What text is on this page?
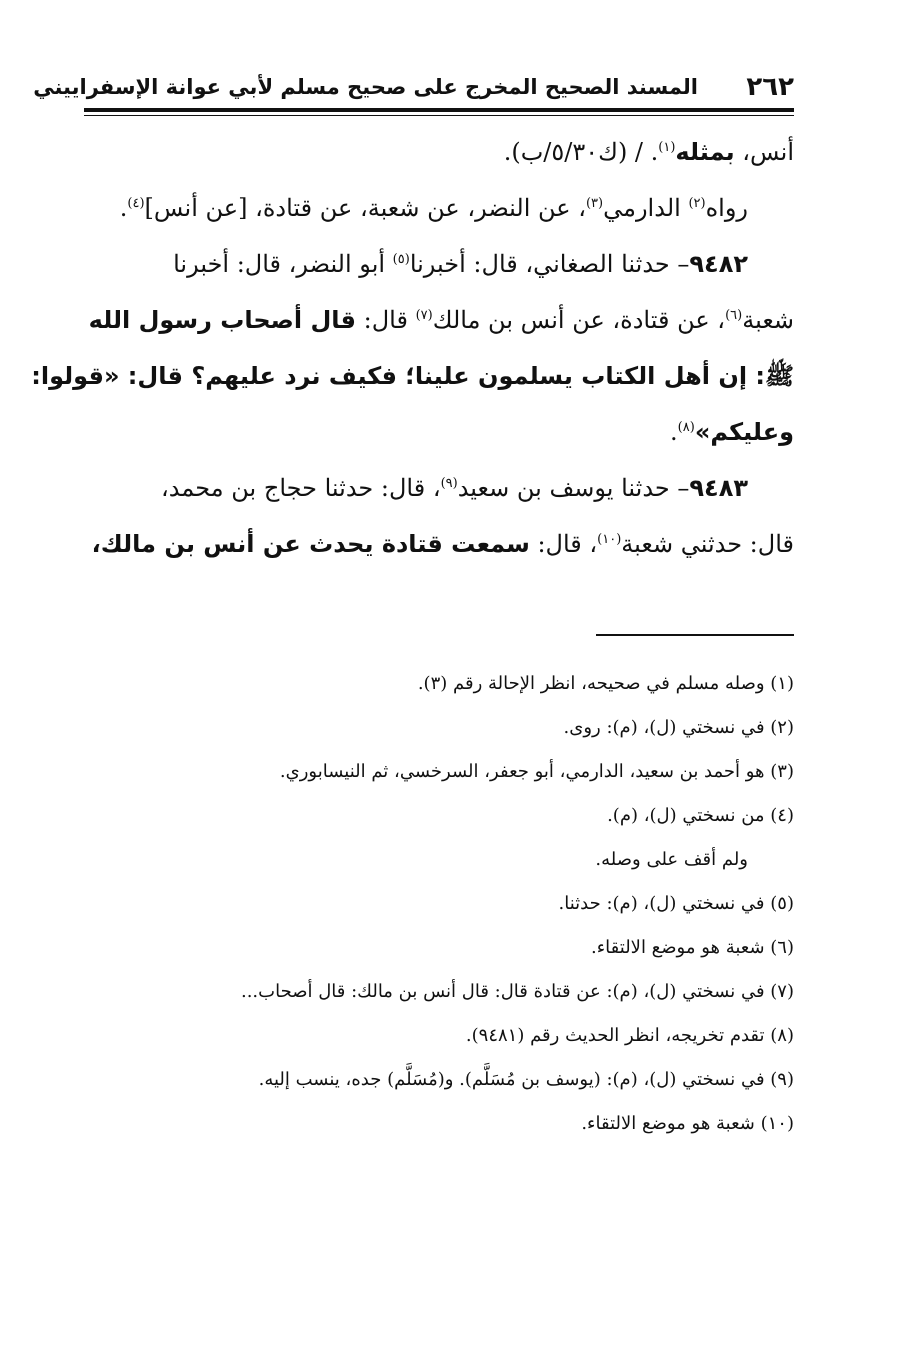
٢٦٢
المسند الصحيح المخرج على صحيح مسلم لأبي عوانة الإسفراييني
أنس، بمثله$^{(١)}$. / (ك٥/٣٠/ب).
رواه$^{(٢)}$ الدارمي$^{(٣)}$، عن النضر، عن شعبة، عن قتادة، [عن أنس]$^{(٤)}$.
٩٤٨٢– حدثنا الصغاني، قال: أخبرنا$^{(٥)}$ أبو النضر، قال: أخبرنا
شعبة$^{(٦)}$، عن قتادة، عن أنس بن مالك$^{(٧)}$ قال: قال أصحاب رسول الله
ﷺ: إن أهل الكتاب يسلمون علينا؛ فكيف نرد عليهم؟ قال: «قولوا:
وعليكم»$^{(٨)}$.
٩٤٨٣– حدثنا يوسف بن سعيد$^{(٩)}$، قال: حدثنا حجاج بن محمد،
قال: حدثني شعبة$^{(١٠)}$، قال: سمعت قتادة يحدث عن أنس بن مالك،
(١) وصله مسلم في صحيحه، انظر الإحالة رقم (٣).
(٢) في نسختي (ل)، (م): روى.
(٣) هو أحمد بن سعيد، الدارمي، أبو جعفر، السرخسي، ثم النيسابوري.
(٤) من نسختي (ل)، (م).
ولم أقف على وصله.
(٥) في نسختي (ل)، (م): حدثنا.
(٦) شعبة هو موضع الالتقاء.
(٧) في نسختي (ل)، (م): عن قتادة قال: قال أنس بن مالك: قال أصحاب...
(٨) تقدم تخريجه، انظر الحديث رقم (٩٤٨١).
(٩) في نسختي (ل)، (م): (يوسف بن مُسَلَّم). و(مُسَلَّم) جده، ينسب إليه.
(١٠) شعبة هو موضع الالتقاء.
